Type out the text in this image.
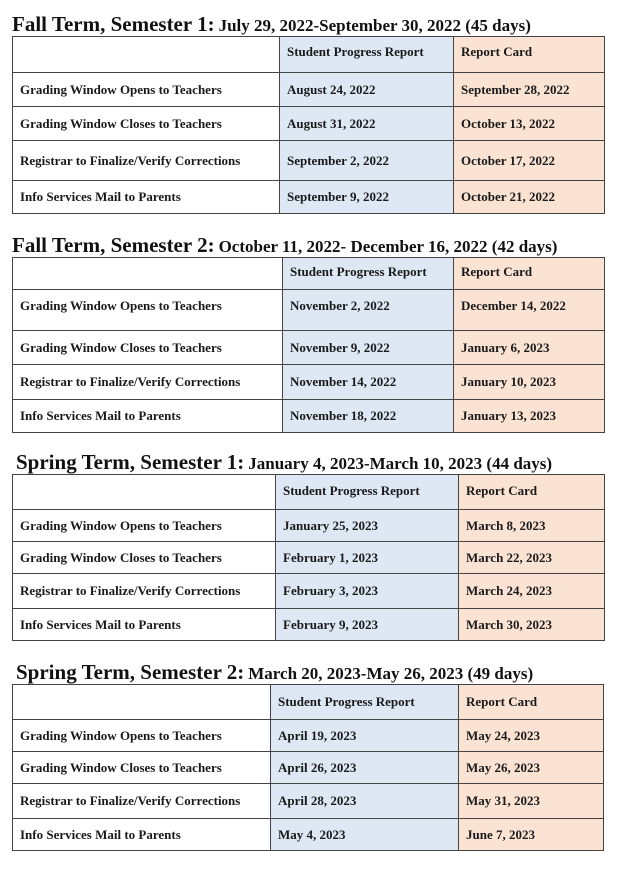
Fall Term, Semester 1: July 29, 2022-September 30, 2022 (45 days)
	Student Progress Report	Report Card
Grading Window Opens to Teachers	August 24, 2022	September 28, 2022
Grading Window Closes to Teachers	August 31, 2022	October 13, 2022
Registrar to Finalize/Verify Corrections	September 2, 2022	October 17, 2022
Info Services Mail to Parents	September 9, 2022	October 21, 2022
Fall Term, Semester 2: October 11, 2022- December 16, 2022 (42 days)
	Student Progress Report	Report Card
Grading Window Opens to Teachers	November 2, 2022	December 14, 2022
Grading Window Closes to Teachers	November 9, 2022	January 6, 2023
Registrar to Finalize/Verify Corrections	November 14, 2022	January 10, 2023
Info Services Mail to Parents	November 18, 2022	January 13, 2023
Spring Term, Semester 1: January 4, 2023-March 10, 2023 (44 days)
	Student Progress Report	Report Card
Grading Window Opens to Teachers	January 25, 2023	March 8, 2023
Grading Window Closes to Teachers	February 1, 2023	March 22, 2023
Registrar to Finalize/Verify Corrections	February 3, 2023	March 24, 2023
Info Services Mail to Parents	February 9, 2023	March 30, 2023
Spring Term, Semester 2: March 20, 2023-May 26, 2023 (49 days)
	Student Progress Report	Report Card
Grading Window Opens to Teachers	April 19, 2023	May 24, 2023
Grading Window Closes to Teachers	April 26, 2023	May 26, 2023
Registrar to Finalize/Verify Corrections	April 28, 2023	May 31, 2023
Info Services Mail to Parents	May 4, 2023	June 7, 2023
